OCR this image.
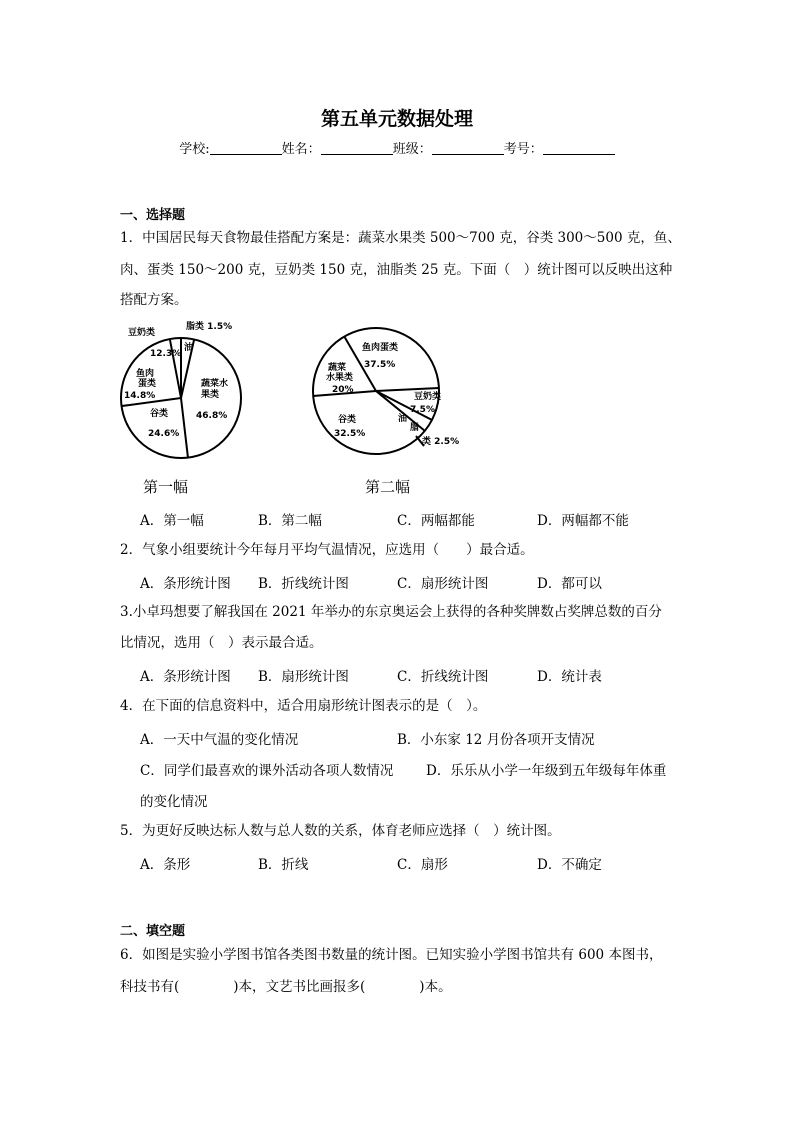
第五单元数据处理
学校:	姓名：	班级：	考号：
一、选择题
1．中国居民每天食物最佳搭配方案是：蔬菜水果类 500～700 克，谷类 300～500 克，鱼、
肉、蛋类 150～200 克，豆奶类 150 克，油脂类 25 克。下面（　）统计图可以反映出这种
搭配方案。
豆奶类
脂类 1.5%
油
12.3%
鱼肉
蛋类
14.8%
蔬菜水
果类
46.8%
谷类
24.6%
鱼肉蛋类
37.5%
蔬菜
水果类
20%
豆奶类
7.5%
油
脂
类 2.5%
谷类
32.5%
第一幅	第二幅
A．第一幅	B．第二幅	C．两幅都能	D．两幅都不能
2．气象小组要统计今年每月平均气温情况，应选用（　　）最合适。
A．条形统计图 B．折线统计图	C．扇形统计图	D．都可以
3.小卓玛想要了解我国在 2021 年举办的东京奥运会上获得的各种奖牌数占奖牌总数的百分
比情况，选用（　）表示最合适。
A．条形统计图 B．扇形统计图	C．折线统计图	D．统计表
4．在下面的信息资料中，适合用扇形统计图表示的是（　）。
A．一天中气温的变化情况	B．小东家 12 月份各项开支情况
C．同学们最喜欢的课外活动各项人数情况 D．乐乐从小学一年级到五年级每年体重
的变化情况
5．为更好反映达标人数与总人数的关系，体育老师应选择（　）统计图。
A．条形	B．折线	C．扇形	D．不确定
二、填空题
6．如图是实验小学图书馆各类图书数量的统计图。已知实验小学图书馆共有 600 本图书，
科技书有(　　　　)本，文艺书比画报多(　　　　)本。
